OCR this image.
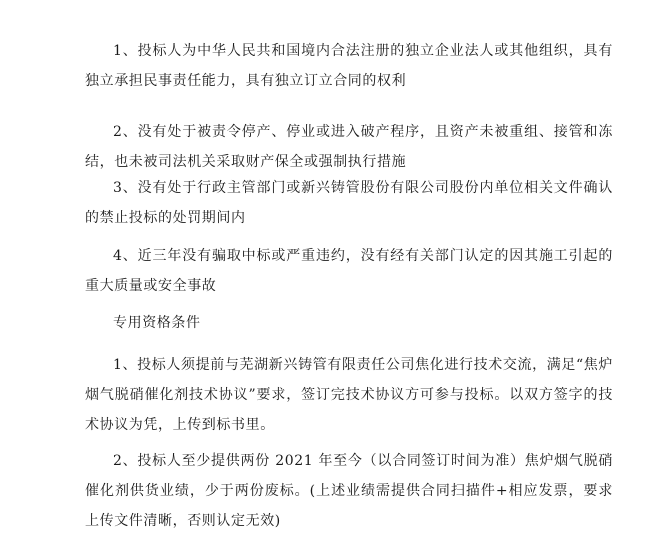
1、投标人为中华人民共和国境内合法注册的独立企业法人或其他组织，具有独立承担民事责任能力，具有独立订立合同的权利

2、没有处于被责令停产、停业或进入破产程序，且资产未被重组、接管和冻结，也未被司法机关采取财产保全或强制执行措施

3、没有处于行政主管部门或新兴铸管股份有限公司股份内单位相关文件确认的禁止投标的处罚期间内

4、近三年没有骗取中标或严重违约，没有经有关部门认定的因其施工引起的重大质量或安全事故

专用资格条件

1、投标人须提前与芜湖新兴铸管有限责任公司焦化进行技术交流，满足“焦炉烟气脱硝催化剂技术协议”要求，签订完技术协议方可参与投标。以双方签字的技术协议为凭，上传到标书里。

2、投标人至少提供两份 2021 年至今（以合同签订时间为准）焦炉烟气脱硝催化剂供货业绩，少于两份废标。(上述业绩需提供合同扫描件+相应发票，要求上传文件清晰，否则认定无效)
